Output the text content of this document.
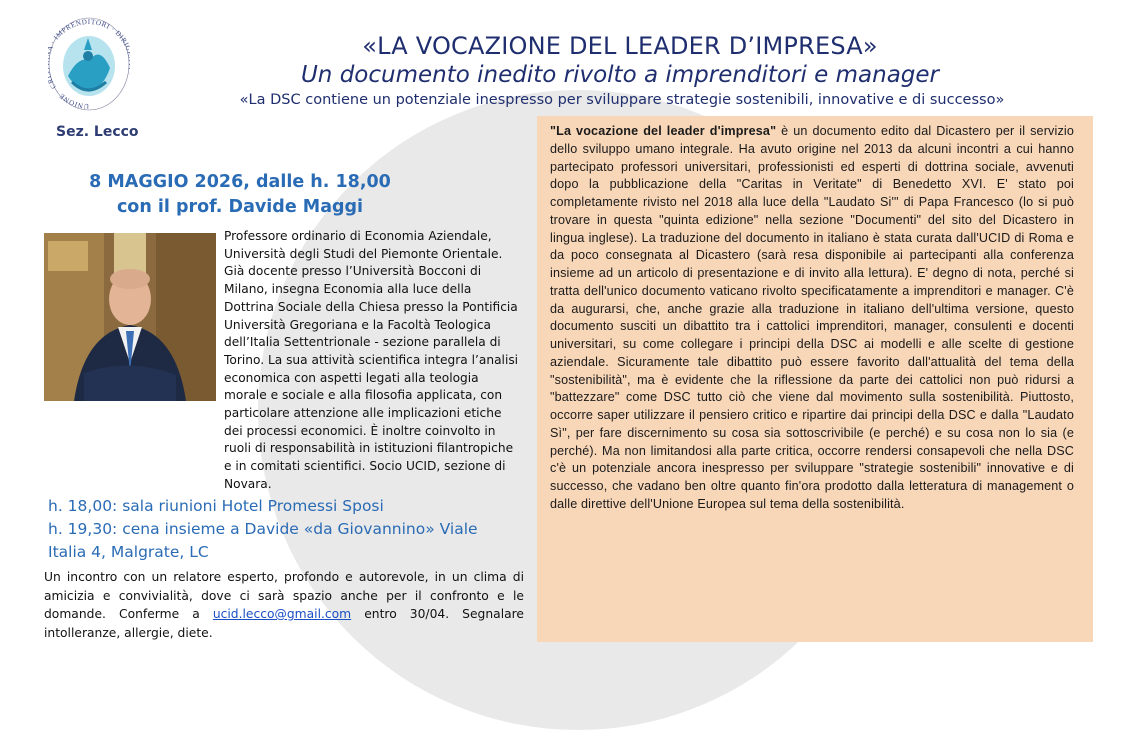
UNIONE · C · IMPRENDITORI · DIRI
Sez. Lecco
«LA VOCAZIONE DEL LEADER D’IMPRESA»
Un documento inedito rivolto a imprenditori e manager
«La DSC contiene un potenziale inespresso per sviluppare strategie sostenibili, innovative e di successo»
8 MAGGIO 2026, dalle h. 18,00
con il prof. Davide Maggi
Professore ordinario di Economia Aziendale, Università degli Studi del Piemonte Orientale. Già docente presso l’Università Bocconi di Milano, insegna Economia alla luce della Dottrina Sociale della Chiesa presso la Pontificia Università Gregoriana e la Facoltà Teologica dell’Italia Settentrionale - sezione parallela di Torino. La sua attività scientifica integra l’analisi economica con aspetti legati alla teologia morale e sociale e alla filosofia applicata, con particolare attenzione alle implicazioni etiche dei processi economici. È inoltre coinvolto in ruoli di responsabilità in istituzioni filantropiche e in comitati scientifici. Socio UCID, sezione di Novara.
h. 18,00: sala riunioni Hotel Promessi Sposi
h. 19,30: cena insieme a Davide «da Giovannino» Viale Italia 4, Malgrate, LC
Un incontro con un relatore esperto, profondo e autorevole, in un clima di amicizia e convivialità, dove ci sarà spazio anche per il confronto e le domande. Conferme a ucid.lecco@gmail.com entro 30/04. Segnalare intolleranze, allergie, diete.
"La vocazione del leader d'impresa" è un documento edito dal Dicastero per il servizio dello sviluppo umano integrale. Ha avuto origine nel 2013 da alcuni incontri a cui hanno partecipato professori universitari, professionisti ed esperti di dottrina sociale, avvenuti dopo la pubblicazione della "Caritas in Veritate" di Benedetto XVI. E' stato poi completamente rivisto nel 2018 alla luce della "Laudato Si'" di Papa Francesco (lo si può trovare in questa "quinta edizione" nella sezione "Documenti" del sito del Dicastero in lingua inglese). La traduzione del documento in italiano è stata curata dall'UCID di Roma e da poco consegnata al Dicastero (sarà resa disponibile ai partecipanti alla conferenza insieme ad un articolo di presentazione e di invito alla lettura). E' degno di nota, perché si tratta dell'unico documento vaticano rivolto specificatamente a imprenditori e manager. C'è da augurarsi, che, anche grazie alla traduzione in italiano dell'ultima versione, questo documento susciti un dibattito tra i cattolici imprenditori, manager, consulenti e docenti universitari, su come collegare i principi della DSC ai modelli e alle scelte di gestione aziendale. Sicuramente tale dibattito può essere favorito dall'attualità del tema della "sostenibilità", ma è evidente che la riflessione da parte dei cattolici non può ridursi a "battezzare" come DSC tutto ciò che viene dal movimento sulla sostenibilità. Piuttosto, occorre saper utilizzare il pensiero critico e ripartire dai principi della DSC e dalla "Laudato Sì", per fare discernimento su cosa sia sottoscrivibile (e perché) e su cosa non lo sia (e perché). Ma non limitandosi alla parte critica, occorre rendersi consapevoli che nella DSC c'è un potenziale ancora inespresso per sviluppare "strategie sostenibili" innovative e di successo, che vadano ben oltre quanto fin'ora prodotto dalla letteratura di management o dalle direttive dell'Unione Europea sul tema della sostenibilità.
